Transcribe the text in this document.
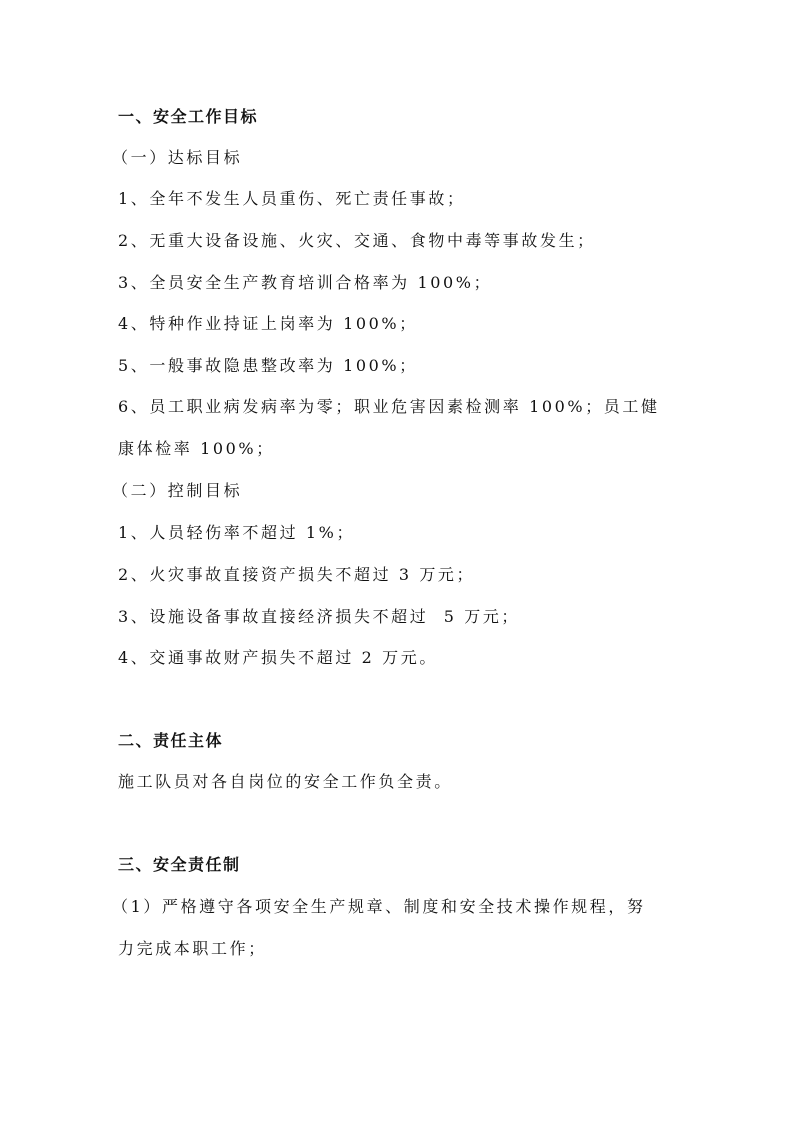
一、安全工作目标
（一）达标目标
1、全年不发生人员重伤、死亡责任事故；
2、无重大设备设施、火灾、交通、食物中毒等事故发生；
3、全员安全生产教育培训合格率为 100%；
4、特种作业持证上岗率为 100%；
5、一般事故隐患整改率为 100%；
6、员工职业病发病率为零；职业危害因素检测率 100%；员工健
康体检率 100%；
（二）控制目标
1、人员轻伤率不超过 1%；
2、火灾事故直接资产损失不超过 3 万元；
3、设施设备事故直接经济损失不超过  5 万元；
4、交通事故财产损失不超过 2 万元。
二、责任主体
施工队员对各自岗位的安全工作负全责。
三、安全责任制
（1）严格遵守各项安全生产规章、制度和安全技术操作规程，努
力完成本职工作；
